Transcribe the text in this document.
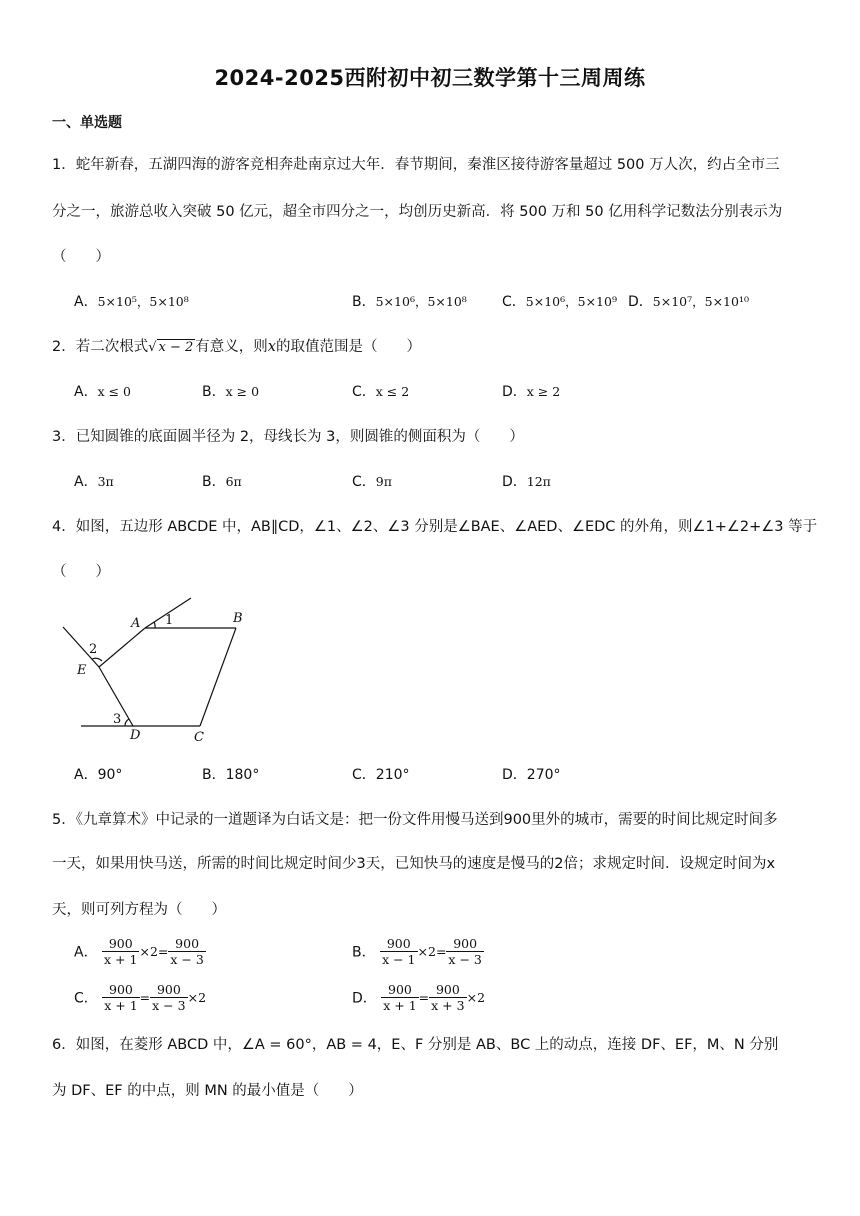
2024-2025西附初中初三数学第十三周周练
一、单选题
1．蛇年新春，五湖四海的游客竞相奔赴南京过大年．春节期间，秦淮区接待游客量超过 500 万人次，约占全市三
分之一，旅游总收入突破 50 亿元，超全市四分之一，均创历史新高．将 500 万和 50 亿用科学记数法分别表示为
（　　）
A．5×10⁵，5×10⁸	B．5×10⁶，5×10⁸	C．5×10⁶，5×10⁹ D．5×10⁷，5×10¹⁰
2．若二次根式√ x − 2 有意义，则x的取值范围是（　　）
A．x ≤ 0	B．x ≥ 0	C．x ≤ 2	D．x ≥ 2
3．已知圆锥的底面圆半径为 2，母线长为 3，则圆锥的侧面积为（　　）
A．3π	B．6π	C．9π	D．12π
4．如图，五边形 ABCDE 中，AB∥CD，∠1、∠2、∠3 分别是∠BAE、∠AED、∠EDC 的外角，则∠1+∠2+∠3 等于
（　　）
A	B
C
D
E
1
2
3
A．90°	B．180°	C．210°	D．270°
5．《九章算术》中记录的一道题译为白话文是：把一份文件用慢马送到900里外的城市，需要的时间比规定时间多
一天，如果用快马送，所需的时间比规定时间少3天，已知快马的速度是慢马的2倍；求规定时间．设规定时间为x
天，则可列方程为（　　）
A． $\frac{900}{x + 1} \times 2= \frac{900}{x - 3}$	B． $\frac{900}{x - 1} \times 2= \frac{900}{x - 3}$
C． $\frac{900}{x + 1} = \frac{900}{x - 3} \times 2$	D． $\frac{900}{x + 1} = \frac{900}{x + 3} \times 2$
6．如图，在菱形 ABCD 中，∠A = 60°，AB = 4，E、F 分别是 AB、BC 上的动点，连接 DF、EF，M、N 分别
为 DF、EF 的中点，则 MN 的最小值是（　　）
